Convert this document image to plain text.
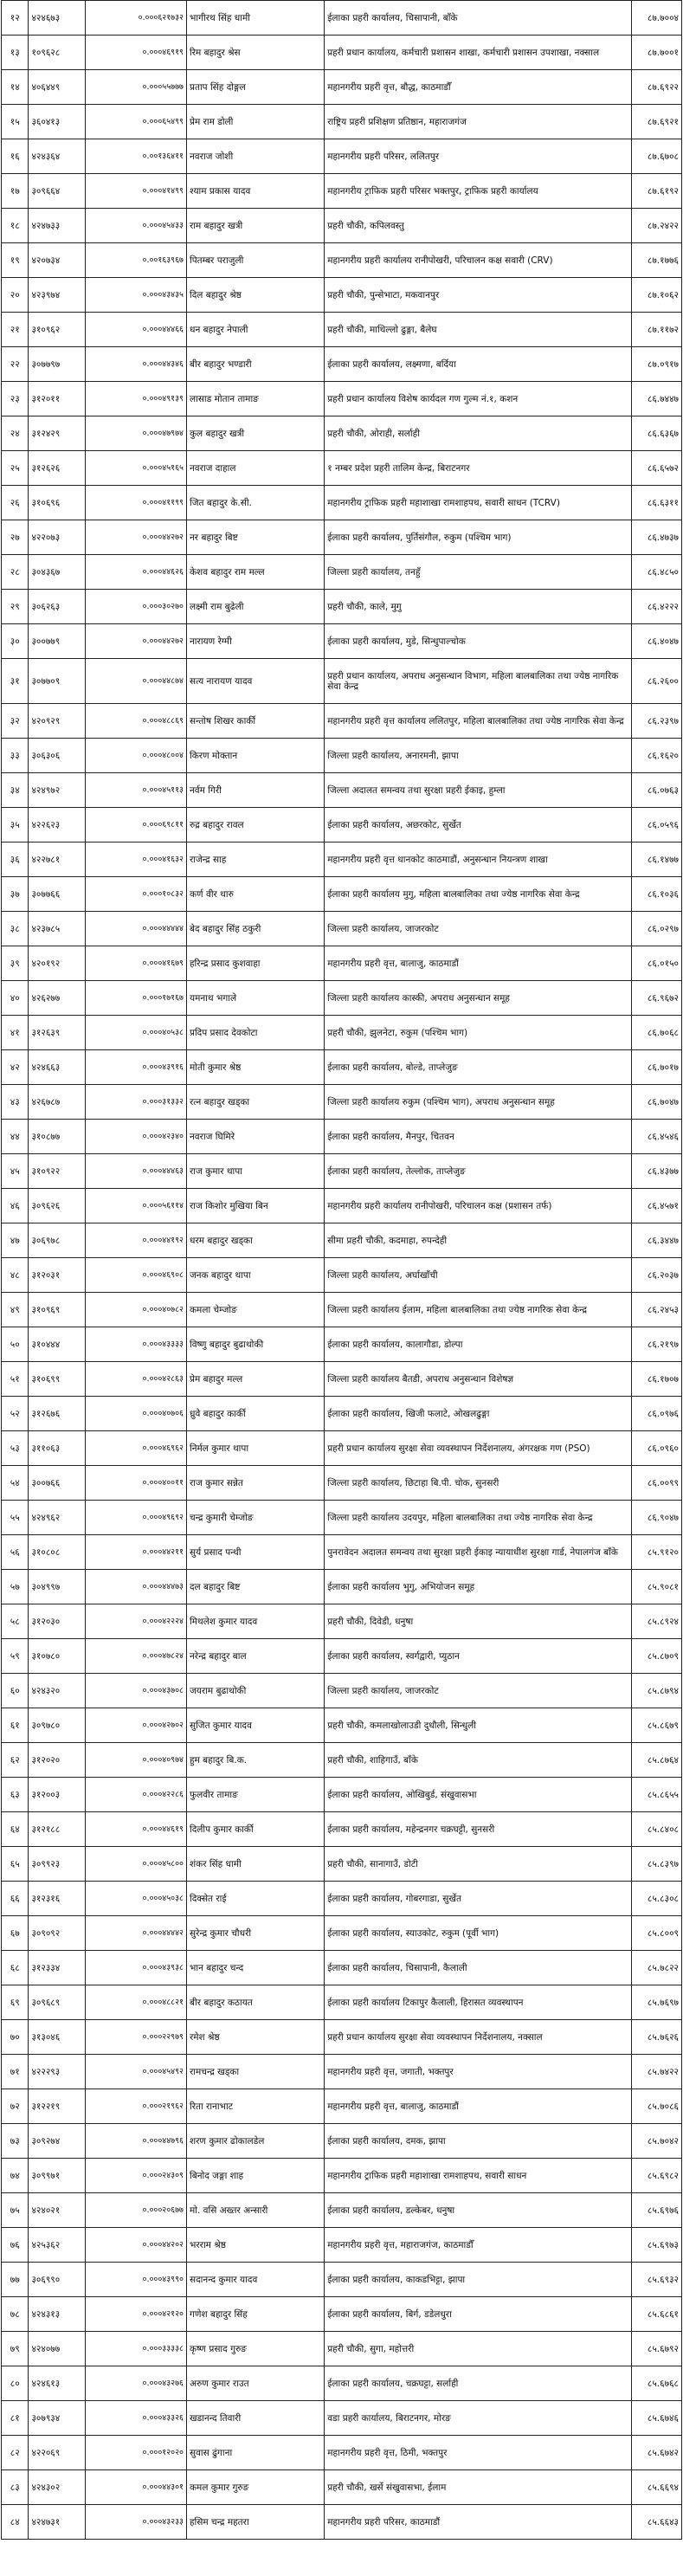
१२	४२४६७३	०.०००६२१७३२	भागीरथ सिंह धामी	ईलाका प्रहरी कार्यालय, चिसापानी, बाँके	८७.७००४
१३	१०९६२८	०.०००४६९१९	रिम बहादुर श्रेस	प्रहरी प्रधान कार्यालय, कर्मचारी प्रशासन शाखा, कर्मचारी प्रशासन उपशाखा, नक्साल	८७.७००१
१४	४०६४४९	०.०००५५७७७	प्रताप सिंह दोङ्गल	महानगरीय प्रहरी वृत्त, बौद्ध, काठमाडौँ	८७.६९२२
१५	३६०४१३	०.०००६५४९९	प्रेम राम डोली	राष्ट्रिय प्रहरी प्रशिक्षण प्रतिष्ठान, महाराजगंज	८७.६९२१
१६	४२४३६४	०.००१३६४११	नवराज जोशी	महानगरीय प्रहरी परिसर, ललितपुर	८७.६७०८
१७	३०९६६४	०.०००४१४९९	श्याम प्रकास यादव	महानगरीय ट्राफिक प्रहरी परिसर भक्तपुर, ट्राफिक प्रहरी कार्यालय	८७.६१९२
१८	४२४७३३	०.०००४५४३३	राम बहादुर खत्री	प्रहरी चौकी, कपिलवस्तु	८७.२४२२
१९	४२०७३४	०.००१६३९६७	पितम्बर पराजुली	महानगरीय प्रहरी कार्यालय रानीपोखरी, परिचालन कक्ष सवारी (CRV)	८७.१७७६
२०	४२३९७४	०.०००४३४३५	दिल बहादुर श्रेष्ठ	प्रहरी चौकी, पुन्सेभाटा, मकवानपुर	८७.१०६२
२१	३१०९६२	०.०००४४४६६	धन बहादुर नेपाली	प्रहरी चौकी, माथिल्लो ढुङ्गा, बैलेघ	८७.११७२
२२	३०७७९७	०.०००४४३४६	बीर बहादुर भण्डारी	ईलाका प्रहरी कार्यालय, लक्ष्मणा, बर्दिया	८७.०९१७
२३	३१२०११	०.०००४९१३९	लासाड मोतान तामाङ	प्रहरी प्रधान कार्यालय विशेष कार्यदल गण गुल्म नं.१, कशन	८६.७४४७
२४	३१२४२९	०.०००४७९७४	कुल बहादुर खत्री	प्रहरी चौकी, ओराही, सर्लाही	८६.६३६७
२५	३१२६२६	०.०००४५१६५	नवराज दाहाल	१ नम्बर प्रदेश प्रहरी तालिम केन्द्र, बिराटनगर	८६.६५७२
२६	३१०६९६	०.०००४११९९	जित बहादुर के.सी.	महानगरीय ट्राफिक प्रहरी महाशाखा रामशाहपथ, सवारी साधन (TCRV)	८६.६३११
२७	४२२०७३	०.०००४४२७२	नर बहादुर बिष्ट	ईलाका प्रहरी कार्यालय, पुर्तिसंगौल, रुकुम (पश्चिम भाग)	८६.४७३७
२८	३०४३६७	०.०००४४६२६	केशव बहादुर राम मल्ल	जिल्ला प्रहरी कार्यालय, तनहुँ	८६.४८५०
२९	३०६२६३	०.०००३०२७०	लक्ष्मी राम बुढेली	प्रहरी चौकी, काले, मुगु	८६.४२२२
३०	३००७७९	०.०००४४२७२	नारायण रेग्मी	ईलाका प्रहरी कार्यालय, मुडे, सिन्धुपाल्चोक	८६.४०४७
३१	३०७७०९	०.०००४४८७४	सत्य नारायण यादव	प्रहरी प्रधान कार्यालय, अपराध अनुसन्धान विभाग, महिला बालबालिका तथा ज्येष्ठ नागरिक सेवा केन्द्र	८६.२६००
३२	४२०९२९	०.०००४८८६९	सन्तोष शिखर कार्की	महानगरीय प्रहरी वृत्त कार्यालय ललितपुर, महिला बालबालिका तथा ज्येष्ठ नागरिक सेवा केन्द्र	८६.२३९७
३३	३०६३०६	०.०००४८००४	किरण मोक्तान	जिल्ला प्रहरी कार्यालय, अनारमनी, झापा	८६.१६२०
३४	४२४९७२	०.०००४५११३	नर्वम गिरी	जिल्ला अदालत समन्वय तथा सुरक्षा प्रहरी ईकाइ, हुम्ला	८६.०७६३
३५	४२२६२३	०.०००६९८११	रुद्र बहादुर रावल	ईलाका प्रहरी कार्यालय, अछरकोट, सुर्खेत	८६.०५९६
३६	४२२७८१	०.०००४१६३२	राजेन्द्र साह	महानगरीय प्रहरी वृत्त धानकोट काठमाडौं, अनुसन्धान नियन्त्रण शाखा	८६.१४७७
३७	३०७७६६	०.०००१०८३२	कर्ण वीर थारु	ईलाका प्रहरी कार्यालय मुगु, महिला बालबालिका तथा ज्येष्ठ नागरिक सेवा केन्द्र	८६.१०३६
३८	४२३७८५	०.०००४४४४४	बेद बहादुर सिंह ठकुरी	जिल्ला प्रहरी कार्यालय, जाजरकोट	८६.०२९७
३९	४२०१९२	०.०००४१६७९	हरिन्द्र प्रसाद कुशवाहा	महानगरीय प्रहरी वृत्त, बालाजु, काठमाडौं	८६.०१५०
४०	४२६२७७	०.०००१७१६७	यमनाथ भगाले	जिल्ला प्रहरी कार्यालय कास्की, अपराध अनुसन्धान समूह	८६.९६७२
४१	३१२६३९	०.०००४०५३८	प्रदिप प्रसाद देवकोटा	प्रहरी चौकी, झुलनेटा, रुकुम (पश्चिम भाग)	८६.७०६८
४२	४२४६६३	०.०००४३९१६	मोती कुमार श्रेष्ठ	ईलाका प्रहरी कार्यालय, बोल्डे, ताप्लेजुङ	८६.७०१७
४३	४२६७८७	०.०००३१३३२	रत्न बहादुर खड्का	जिल्ला प्रहरी कार्यालय रुकुम (पश्चिम भाग), अपराध अनुसन्धान समूह	८६.७०४७
४४	३१०८७७	०.०००४२३४०	नवराज घिमिरे	ईलाका प्रहरी कार्यालय, मैनपुर, चितवन	८६.४५४६
४५	३१०९२२	०.०००४४४६३	राज कुमार थापा	ईलाका प्रहरी कार्यालय, तेल्लोक, ताप्लेजुङ	८६.४३७७
४६	३०९६२६	०.०००५६११४	राज किशोर मुखिया बिन	महानगरीय प्रहरी कार्यालय रानीपोखरी, परिचालन कक्ष (प्रशासन तर्फ)	८६.४५७१
४७	३०६९७८	०.०००४४१९२	धरम बहादुर खड्का	सीमा प्रहरी चौकी, कदमाहा, रुपन्देही	८६.३४४७
४८	३१२०३१	०.०००४६९०८	जनक बहादुर थापा	जिल्ला प्रहरी कार्यालय, अर्घाखाँची	८६.२०३७
४९	३१०९६९	०.०००४०७८२	कमला चेम्जोङ	जिल्ला प्रहरी कार्यालय ईलाम, महिला बालबालिका तथा ज्येष्ठ नागरिक सेवा केन्द्र	८६.२४५३
५०	३१०४४४	०.०००४३३३३	विष्णु बहादुर बुढाथोकी	ईलाका प्रहरी कार्यालय, कालागौडा, डोल्पा	८६.२१९७
५१	३१०६९९	०.०००४२८६३	प्रेम बहादुर मल्ल	जिल्ला प्रहरी कार्यालय बैतडी, अपराध अनुसन्धान विशेषज्ञ	८६.१७०७
५२	३१२६७६	०.०००४०७०६	ध्रुवे बहादुर कार्की	ईलाका प्रहरी कार्यालय, खिजी फलाटे, ओखलढुङ्गा	८६.०९७६
५३	३११०६३	०.०००४६९६२	निर्मल कुमार थापा	प्रहरी प्रधान कार्यालय सुरक्षा सेवा व्यवस्थापन निर्देशनालय, अंगरक्षक गण (PSO)	८६.०९६०
५४	३००७६६	०.०००४००११	राज कुमार सन्नेत	जिल्ला प्रहरी कार्यालय, छिटाहा बि.पी. चोक, सुनसरी	८६.००९९
५५	४२४९६२	०.०००४९६९२	चन्द्र कुमारी चेम्जोङ	जिल्ला प्रहरी कार्यालय उदयपुर, महिला बालबालिका तथा ज्येष्ठ नागरिक सेवा केन्द्र	८६.९०४७
५६	३१०८०८	०.०००४४२११	सुर्य प्रसाद पन्थी	पुनरावेदन अदालत समन्वय तथा सुरक्षा प्रहरी ईकाइ न्यायाधीश सुरक्षा गार्ड, नेपालगंज बाँके	८५.९१२०
५७	३०४९९७	०.०००४४४७३	दल बहादुर बिष्ट	ईलाका प्रहरी कार्यालय भुगु, अभियोजन समूह	८५.९०८१
५८	३१२०३०	०.०००४२२२४	मिथलेश कुमार यादव	प्रहरी चौकी, दिवेडी, धनुषा	८५.८९२४
५९	३१०७८०	०.०००४७८२४	नरेन्द्र बहादुर बाल	ईलाका प्रहरी कार्यालय, स्वर्गद्वारी, प्युठान	८५.८७०९
६०	४२४३२०	०.०००४३७०८	जयराम बुढाथोकी	जिल्ला प्रहरी कार्यालय, जाजरकोट	८५.८७९४
६१	३०९७८०	०.०००४२७०२	सुजित कुमार यादव	प्रहरी चौकी, कमलाखोलाउडी दुधौली, सिन्धुली	८५.८६७९
६२	३१२०२०	०.०००४०९७४	हुम बहादुर बि.क.	प्रहरी चौकी, शाहिगाउँ, बाँके	८५.८७६४
६३	३१२००३	०.०००४२२८६	फुलवीर तामाङ	ईलाका प्रहरी कार्यालय, ओखिबुर्ड, संखुवासभा	८५.८६५५
६४	३१२१८८	०.०००४४६१९	दिलीप कुमार कार्की	ईलाका प्रहरी कार्यालय, महेन्द्रनगर चक्रघट्टी, सुनसरी	८५.८४०८
६५	३०९९२३	०.०००४५८००	शंकर सिंह धामी	प्रहरी चौकी, सानागाउँ, डोटी	८५.८३९७
६६	३१२३१६	०.०००४५०३८	दिक्सेत राई	ईलाका प्रहरी कार्यालय, गोबरगाडा, सुर्खेत	८५.८३०८
६७	३०९०९२	०.०००४४४४२	सुरेन्द्र कुमार चौधरी	ईलाका प्रहरी कार्यालय, स्याउकोट, रुकुम (पूर्वी भाग)	८५.८००९
६८	३१२३३४	०.०००४३९३८	भान बहादुर चन्द	ईलाका प्रहरी कार्यालय, चिसापानी, कैलाली	८५.७८२२
६९	३०९६८९	०.०००४८८२१	बीर बहादुर कठायत	ईलाका प्रहरी कार्यालय टिकापुर कैलाली, हिरासत व्यवस्थापन	८५.७६९७
७०	३१३०४६	०.०००२२९७९	रमेश श्रेष्ठ	प्रहरी प्रधान कार्यालय सुरक्षा सेवा व्यवस्थापन निर्देशनालय, नक्साल	८५.७६२६
७१	४२२२९३	०.०००४५४९२	रामचन्द्र खड्का	महानगरीय प्रहरी वृत्त, जगाती, भक्तपुर	८५.७४२२
७२	३१२२१९	०.०००२१९६२	रिता रानाभाट	महानगरीय प्रहरी वृत्त, बालाजु, काठमाडौं	८५.७०८६
७३	३०९२७४	०.०००४४७९६	शरण कुमार ढोकालडेल	ईलाका प्रहरी कार्यालय, दमक, झापा	८५.७०४२
७४	३०९९७१	०.०००२४३०९	बिनोद जङ्गा शाह	महानगरीय ट्राफिक प्रहरी महाशाखा रामशाहपथ, सवारी साधन	८५.६९८२
७५	४२४०२१	०.०००२०६७७	मो. वसि अख्तर अन्सारी	ईलाका प्रहरी कार्यालय, डल्केबर, धनुषा	८५.६९७६
७६	४२५३६२	०.०००४४२०२	भरराम श्रेष्ठ	महानगरीय प्रहरी वृत्त, महाराजगंज, काठमाडौँ	८५.६९७३
७७	३०६९९०	०.०००४३९९०	सदानन्द कुमार यादव	ईलाका प्रहरी कार्यालय, काकडभिट्टा, झापा	८५.६९३२
७८	४२४३१३	०.०००४२१२०	गणेश बहादुर सिंह	ईलाका प्रहरी कार्यालय, बिर्ग, डडेलधुरा	८५.६८६१
७९	४२४०७७	०.०००३३३३८	कृष्ण प्रसाद गुरुङ	प्रहरी चौकी, सुगा, महोत्तरी	८५.६७९२
८०	४२४६१३	०.०००४३२७६	अरुण कुमार राउत	ईलाका प्रहरी कार्यालय, चक्रघट्टा, सर्लाही	८५.६७६८
८१	३०७९३४	०.०००४३३२६	खडानन्द तिवारी	वडा प्रहरी कार्यालय, बिराटनगर, मोरङ	८५.६७४६
८२	४२२०६९	०.०००१२०२०	सुवास ढुंगाना	महानगरीय प्रहरी वृत्त, ठिमी, भक्तपुर	८५.६७४२
८३	४२४३०२	०.०००४४३०१	कमल कुमार गुरुङ	प्रहरी चौकी, खर्से संखुवासभा, ईलाम	८५.६६९४
८४	४२४७३१	०.०००४३२३३	हसिम चन्द्र महतरा	महानगरीय प्रहरी परिसर, काठमाडौं	८५.६६४३
